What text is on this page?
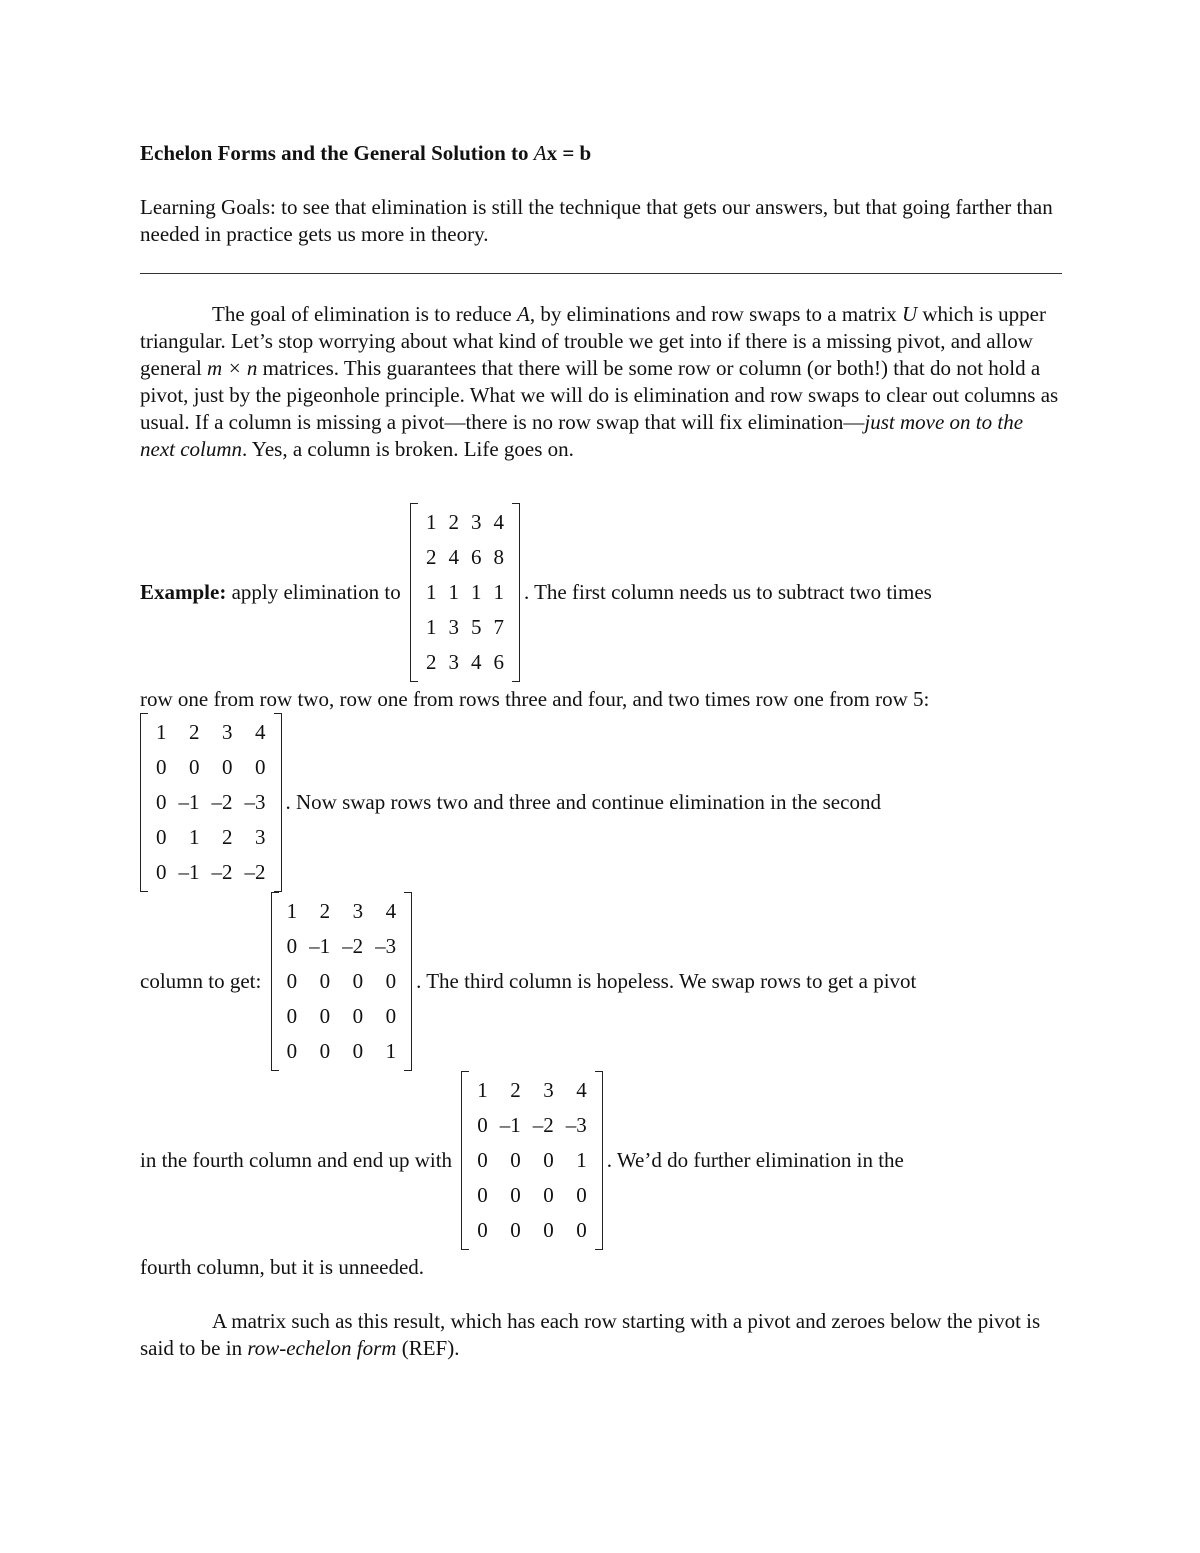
Echelon Forms and the General Solution to Ax = b
Learning Goals: to see that elimination is still the technique that gets our answers, but that going farther than needed in practice gets us more in theory.
The goal of elimination is to reduce A, by eliminations and row swaps to a matrix U which is upper triangular. Let’s stop worrying about what kind of trouble we get into if there is a missing pivot, and allow general m × n matrices. This guarantees that there will be some row or column (or both!) that do not hold a pivot, just by the pigeonhole principle. What we will do is elimination and row swaps to clear out columns as usual. If a column is missing a pivot—there is no row swap that will fix elimination—just move on to the next column. Yes, a column is broken. Life goes on.
Example: apply elimination to
1	2	3	4
2	4	6	8
1	1	1	1
1	3	5	7
2	3	4	6
. The first column needs us to subtract two times
row one from row two, row one from rows three and four, and two times row one from row 5:
1	2	3	4
0	0	0	0
0	–1	–2	–3
0	1	2	3
0	–1	–2	–2
. Now swap rows two and three and continue elimination in the second
column to get:
1	2	3	4
0	–1	–2	–3
0	0	0	0
0	0	0	0
0	0	0	1
. The third column is hopeless. We swap rows to get a pivot
in the fourth column and end up with
1	2	3	4
0	–1	–2	–3
0	0	0	1
0	0	0	0
0	0	0	0
. We’d do further elimination in the
fourth column, but it is unneeded.
A matrix such as this result, which has each row starting with a pivot and zeroes below the pivot is said to be in row-echelon form (REF).
